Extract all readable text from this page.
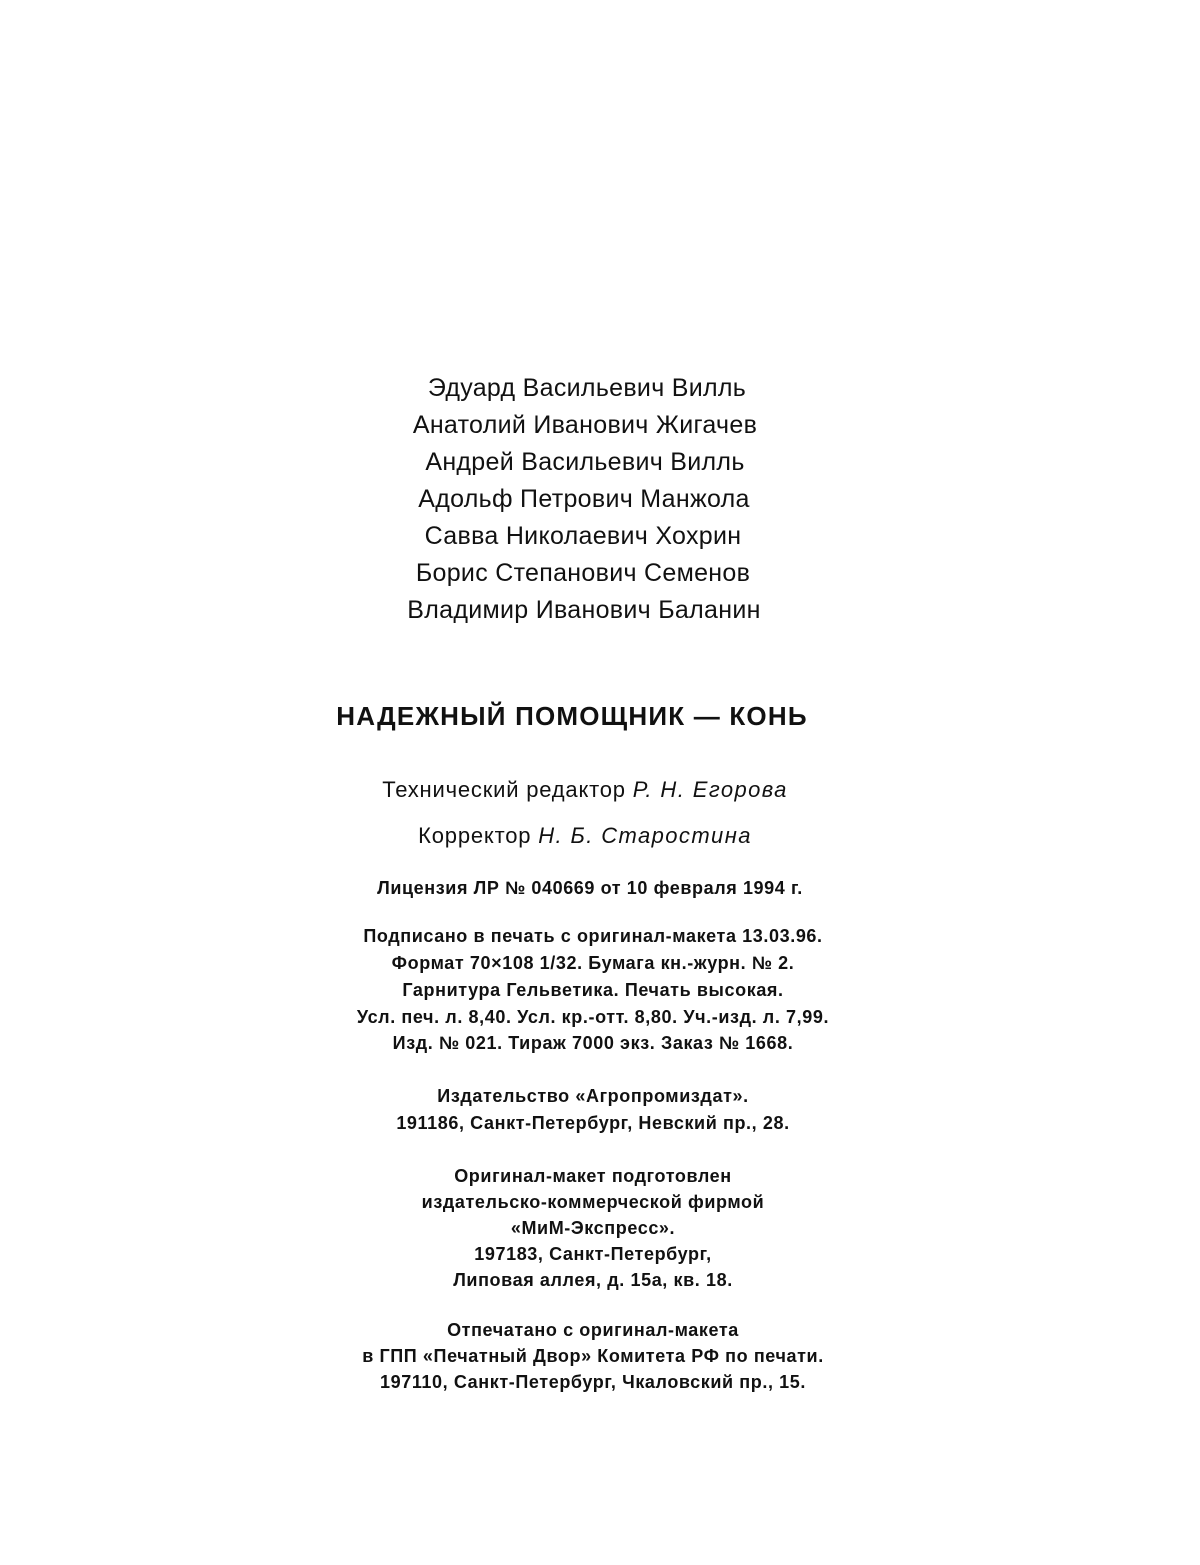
Эдуард Васильевич Вилль
Анатолий Иванович Жигачев
Андрей Васильевич Вилль
Адольф Петрович Манжола
Савва Николаевич Хохрин
Борис Степанович Семенов
Владимир Иванович Баланин
НАДЕЖНЫЙ ПОМОЩНИК — КОНЬ
Технический редактор Р. Н. Егорова
Корректор Н. Б. Старостина
Лицензия ЛР № 040669 от 10 февраля 1994 г.
Подписано в печать с оригинал-макета 13.03.96.
Формат 70×108 1/32. Бумага кн.-журн. № 2.
Гарнитура Гельветика. Печать высокая.
Усл. печ. л. 8,40. Усл. кр.-отт. 8,80. Уч.-изд. л. 7,99.
Изд. № 021. Тираж 7000 экз. Заказ № 1668.
Издательство «Агропромиздат».
191186, Санкт-Петербург, Невский пр., 28.
Оригинал-макет подготовлен
издательско-коммерческой фирмой
«МиМ-Экспресс».
197183, Санкт-Петербург,
Липовая аллея, д. 15а, кв. 18.
Отпечатано с оригинал-макета
в ГПП «Печатный Двор» Комитета РФ по печати.
197110, Санкт-Петербург, Чкаловский пр., 15.
